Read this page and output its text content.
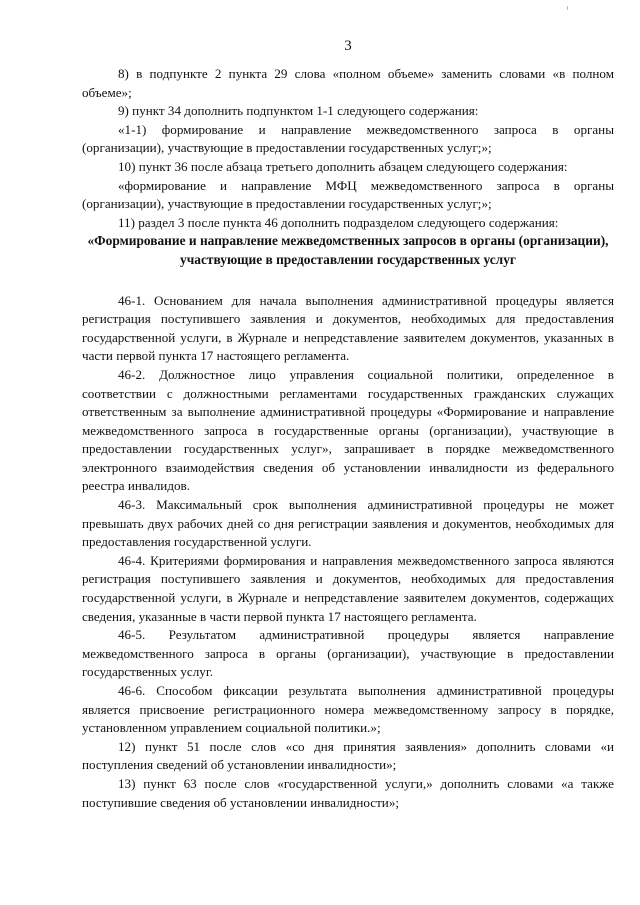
3

8) в подпункте 2 пункта 29 слова «полном объеме» заменить словами «в полном объеме»;

9) пункт 34 дополнить подпунктом 1-1 следующего содержания:

«1-1) формирование и направление межведомственного запроса в органы (организации), участвующие в предоставлении государственных услуг;»;

10) пункт 36 после абзаца третьего дополнить абзацем следующего содержания:

«формирование и направление МФЦ межведомственного запроса в органы (организации), участвующие в предоставлении государственных услуг;»;

11) раздел 3 после пункта 46 дополнить подразделом следующего содержания:

«Формирование и направление межведомственных запросов в органы (организации), участвующие в предоставлении государственных услуг

46-1. Основанием для начала выполнения административной процедуры является регистрация поступившего заявления и документов, необходимых для предоставления государственной услуги, в Журнале и непредставление заявителем документов, указанных в части первой пункта 17 настоящего регламента.

46-2. Должностное лицо управления социальной политики, определенное в соответствии с должностными регламентами государственных гражданских служащих ответственным за выполнение административной процедуры «Формирование и направление межведомственного запроса в государственные органы (организации), участвующие в предоставлении государственных услуг», запрашивает в порядке межведомственного электронного взаимодействия сведения об установлении инвалидности из федерального реестра инвалидов.

46-3. Максимальный срок выполнения административной процедуры не может превышать двух рабочих дней со дня регистрации заявления и документов, необходимых для предоставления государственной услуги.

46-4. Критериями формирования и направления межведомственного запроса являются регистрация поступившего заявления и документов, необходимых для предоставления государственной услуги, в Журнале и непредставление заявителем документов, содержащих сведения, указанные в части первой пункта 17 настоящего регламента.

46-5. Результатом административной процедуры является направление межведомственного запроса в органы (организации), участвующие в предоставлении государственных услуг.

46-6. Способом фиксации результата выполнения административной процедуры является присвоение регистрационного номера межведомственному запросу в порядке, установленном управлением социальной политики.»;

12) пункт 51 после слов «со дня принятия заявления» дополнить словами «и поступления сведений об установлении инвалидности»;

13) пункт 63 после слов «государственной услуги,» дополнить словами «а также поступившие сведения об установлении инвалидности»;
